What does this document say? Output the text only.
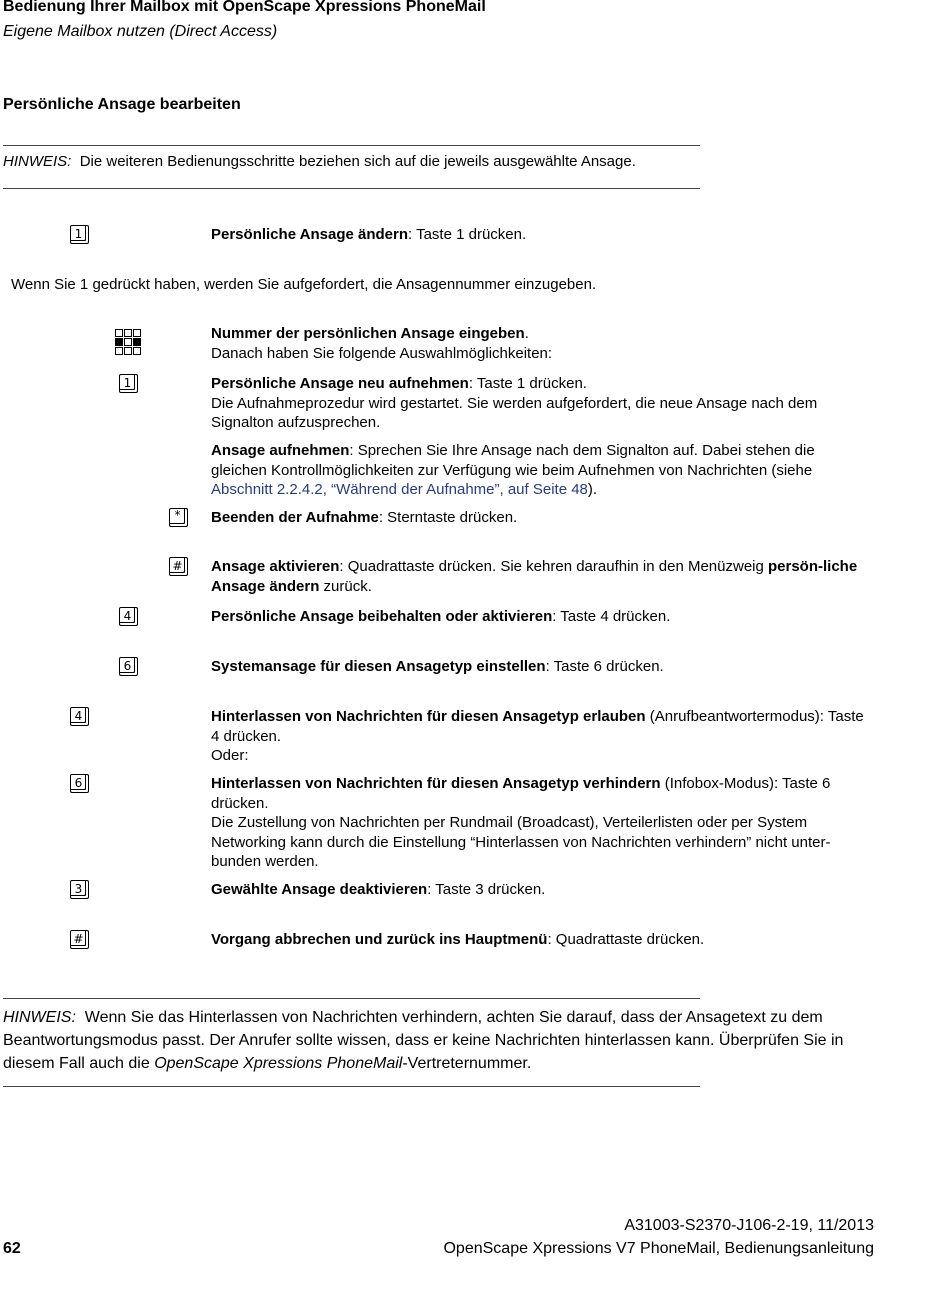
Bedienung Ihrer Mailbox mit OpenScape Xpressions PhoneMail
Eigene Mailbox nutzen (Direct Access)
Persönliche Ansage bearbeiten
HINWEIS: Die weiteren Bedienungsschritte beziehen sich auf die jeweils ausgewählte Ansage.
1	Persönliche Ansage ändern: Taste 1 drücken.
Wenn Sie 1 gedrückt haben, werden Sie aufgefordert, die Ansagennummer einzugeben.
Nummer der persönlichen Ansage eingeben.
Danach haben Sie folgende Auswahlmöglichkeiten:
1	Persönliche Ansage neu aufnehmen: Taste 1 drücken.
Die Aufnahmeprozedur wird gestartet. Sie werden aufgefordert, die neue Ansage nach dem Signalton aufzusprechen.
Ansage aufnehmen: Sprechen Sie Ihre Ansage nach dem Signalton auf. Dabei stehen die gleichen Kontrollmöglichkeiten zur Verfügung wie beim Aufnehmen von Nachrichten (siehe Abschnitt 2.2.4.2, “Während der Aufnahme”, auf Seite 48).
*	Beenden der Aufnahme: Sterntaste drücken.
#	Ansage aktivieren: Quadrattaste drücken. Sie kehren daraufhin in den Menüzweig persön-liche Ansage ändern zurück.
4	Persönliche Ansage beibehalten oder aktivieren: Taste 4 drücken.
6	Systemansage für diesen Ansagetyp einstellen: Taste 6 drücken.
4	Hinterlassen von Nachrichten für diesen Ansagetyp erlauben (Anrufbeantwortermodus): Taste 4 drücken.
Oder:
6	Hinterlassen von Nachrichten für diesen Ansagetyp verhindern (Infobox-Modus): Taste 6 drücken.
Die Zustellung von Nachrichten per Rundmail (Broadcast), Verteilerlisten oder per System Networking kann durch die Einstellung “Hinterlassen von Nachrichten verhindern” nicht unter-bunden werden.
3	Gewählte Ansage deaktivieren: Taste 3 drücken.
#	Vorgang abbrechen und zurück ins Hauptmenü: Quadrattaste drücken.
HINWEIS: Wenn Sie das Hinterlassen von Nachrichten verhindern, achten Sie darauf, dass der Ansagetext zu dem Beantwortungsmodus passt. Der Anrufer sollte wissen, dass er keine Nachrichten hinterlassen kann. Überprüfen Sie in diesem Fall auch die OpenScape Xpressions PhoneMail-Vertreternummer.
A31003-S2370-J106-2-19, 11/2013
62	OpenScape Xpressions V7 PhoneMail, Bedienungsanleitung
